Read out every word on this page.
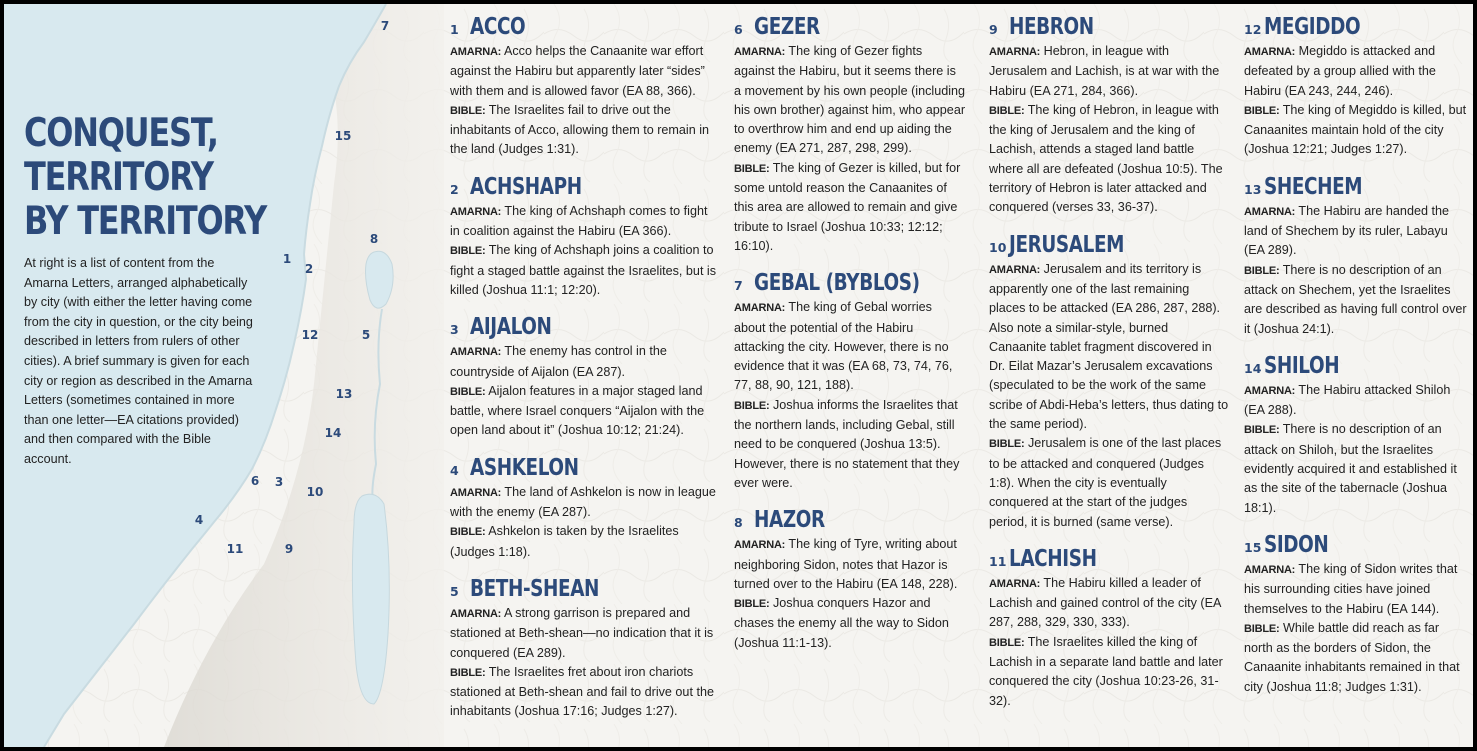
CONQUEST,
TERRITORY
BY TERRITORY

At right is a list of content from the Amarna Letters, arranged alphabetically by city (with either the letter having come from the city in question, or the city being described in letters from rulers of other cities). A brief summary is given for each city or region as described in the Amarna Letters (sometimes contained in more than one letter—EA citations provided) and then compared with the Bible account.

7
15
8
1
2
12	5
13
14
6 3
10
4
11	9
1 ACCO

AMARNA: Acco helps the Canaanite war effort against the Habiru but apparently later “sides” with them and is allowed favor (EA 88, 366).

BIBLE: The Israelites fail to drive out the inhabitants of Acco, allowing them to remain in the land (Judges 1:31).

2 ACHSHAPH

AMARNA: The king of Achshaph comes to fight in coalition against the Habiru (EA 366).

BIBLE: The king of Achshaph joins a coalition to fight a staged battle against the Israelites, but is killed (Joshua 11:1; 12:20).

3 AIJALON

AMARNA: The enemy has control in the countryside of Aijalon (EA 287).

BIBLE: Aijalon features in a major staged land battle, where Israel conquers “Aijalon with the open land about it” (Joshua 10:12; 21:24).

4 ASHKELON

AMARNA: The land of Ashkelon is now in league with the enemy (EA 287).

BIBLE: Ashkelon is taken by the Israelites (Judges 1:18).

5 BETH-SHEAN

AMARNA: A strong garrison is prepared and stationed at Beth-shean—no indication that it is conquered (EA 289).

BIBLE: The Israelites fret about iron chariots stationed at Beth-shean and fail to drive out the inhabitants (Joshua 17:16; Judges 1:27).

6 GEZER

AMARNA: The king of Gezer fights against the Habiru, but it seems there is a movement by his own people (including his own brother) against him, who appear to overthrow him and end up aiding the enemy (EA 271, 287, 298, 299).

BIBLE: The king of Gezer is killed, but for some untold reason the Canaanites of this area are allowed to remain and give tribute to Israel (Joshua 10:33; 12:12; 16:10).

7 GEBAL (BYBLOS)

AMARNA: The king of Gebal worries about the potential of the Habiru attacking the city. However, there is no evidence that it was (EA 68, 73, 74, 76, 77, 88, 90, 121, 188).

BIBLE: Joshua informs the Israelites that the northern lands, including Gebal, still need to be conquered (Joshua 13:5). However, there is no statement that they ever were.

8 HAZOR

AMARNA: The king of Tyre, writing about neighboring Sidon, notes that Hazor is turned over to the Habiru (EA 148, 228).

BIBLE: Joshua conquers Hazor and chases the enemy all the way to Sidon (Joshua 11:1-13).

9 HEBRON

AMARNA: Hebron, in league with Jerusalem and Lachish, is at war with the Habiru (EA 271, 284, 366).

BIBLE: The king of Hebron, in league with the king of Jerusalem and the king of Lachish, attends a staged land battle where all are defeated (Joshua 10:5). The territory of Hebron is later attacked and conquered (verses 33, 36-37).

10 JERUSALEM

AMARNA: Jerusalem and its territory is apparently one of the last remaining places to be attacked (EA 286, 287, 288). Also note a similar-style, burned Canaanite tablet fragment discovered in Dr. Eilat Mazar’s Jerusalem excavations (speculated to be the work of the same scribe of Abdi-Heba’s letters, thus dating to the same period).

BIBLE: Jerusalem is one of the last places to be attacked and conquered (Judges 1:8). When the city is eventually conquered at the start of the judges period, it is burned (same verse).

11 LACHISH

AMARNA: The Habiru killed a leader of Lachish and gained control of the city (EA 287, 288, 329, 330, 333).

BIBLE: The Israelites killed the king of Lachish in a separate land battle and later conquered the city (Joshua 10:23-26, 31-32).

12 MEGIDDO

AMARNA: Megiddo is attacked and defeated by a group allied with the Habiru (EA 243, 244, 246).

BIBLE: The king of Megiddo is killed, but Canaanites maintain hold of the city (Joshua 12:21; Judges 1:27).

13 SHECHEM

AMARNA: The Habiru are handed the land of Shechem by its ruler, Labayu (EA 289).

BIBLE: There is no description of an attack on Shechem, yet the Israelites are described as having full control over it (Joshua 24:1).

14 SHILOH

AMARNA: The Habiru attacked Shiloh (EA 288).

BIBLE: There is no description of an attack on Shiloh, but the Israelites evidently acquired it and established it as the site of the tabernacle (Joshua 18:1).

15 SIDON

AMARNA: The king of Sidon writes that his surrounding cities have joined themselves to the Habiru (EA 144).

BIBLE: While battle did reach as far north as the borders of Sidon, the Canaanite inhabitants remained in that city (Joshua 11:8; Judges 1:31).
